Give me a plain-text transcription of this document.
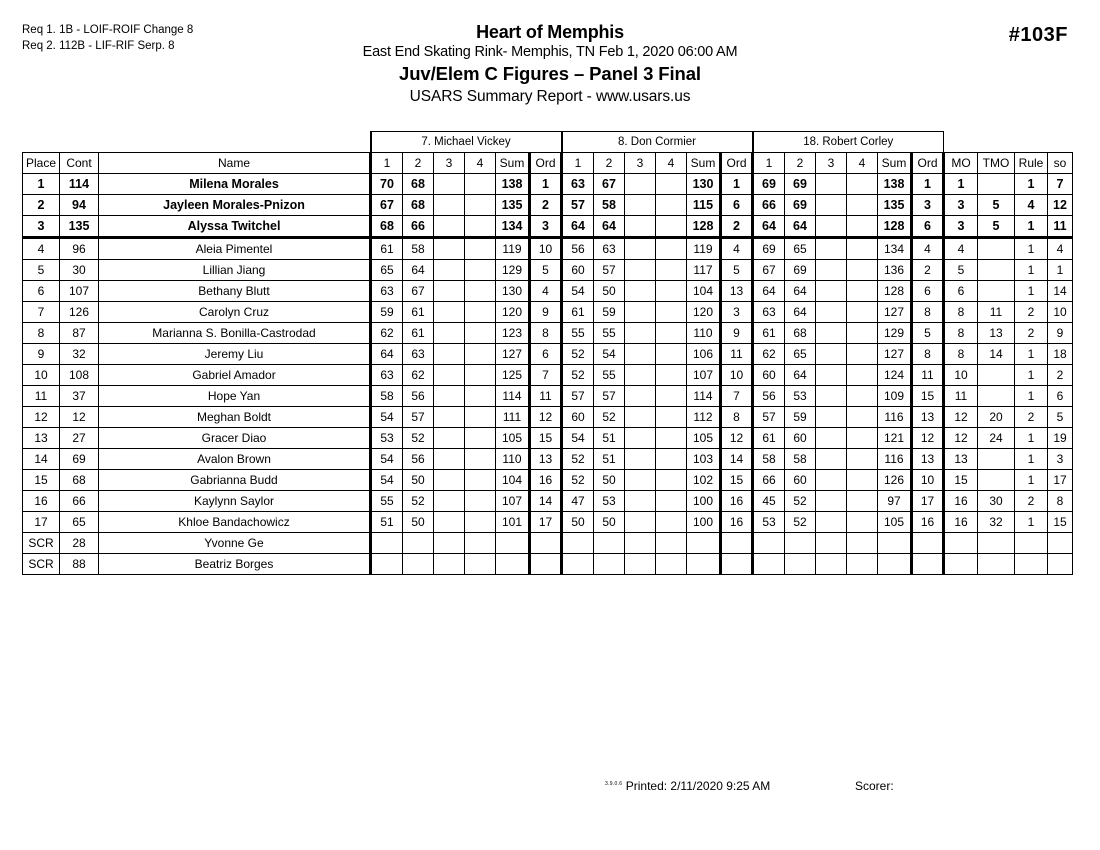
Req 1. 1B - LOIF-ROIF Change 8
Req 2. 112B - LIF-RIF Serp. 8
Heart of Memphis
East End Skating Rink- Memphis, TN Feb 1, 2020 06:00 AM
Juv/Elem C Figures – Panel 3 Final
USARS Summary Report - www.usars.us
#103F
			7. Michael Vickey						8. Don Cormier						18. Robert Corley									
Place	Cont	Name	1	2	3	4	Sum	Ord	1	2	3	4	Sum	Ord	1	2	3	4	Sum	Ord	MO	TMO	Rule	so
1	114	Milena Morales	70	68			138	1	63	67			130	1	69	69			138	1	1		1	7
2	94	Jayleen Morales-Pnizon	67	68			135	2	57	58			115	6	66	69			135	3	3	5	4	12
3	135	Alyssa Twitchel	68	66			134	3	64	64			128	2	64	64			128	6	3	5	1	11
4	96	Aleia Pimentel	61	58			119	10	56	63			119	4	69	65			134	4	4		1	4
5	30	Lillian Jiang	65	64			129	5	60	57			117	5	67	69			136	2	5		1	1
6	107	Bethany Blutt	63	67			130	4	54	50			104	13	64	64			128	6	6		1	14
7	126	Carolyn Cruz	59	61			120	9	61	59			120	3	63	64			127	8	8	11	2	10
8	87	Marianna S. Bonilla-Castrodad	62	61			123	8	55	55			110	9	61	68			129	5	8	13	2	9
9	32	Jeremy Liu	64	63			127	6	52	54			106	11	62	65			127	8	8	14	1	18
10	108	Gabriel Amador	63	62			125	7	52	55			107	10	60	64			124	11	10		1	2
11	37	Hope Yan	58	56			114	11	57	57			114	7	56	53			109	15	11		1	6
12	12	Meghan Boldt	54	57			111	12	60	52			112	8	57	59			116	13	12	20	2	5
13	27	Gracer Diao	53	52			105	15	54	51			105	12	61	60			121	12	12	24	1	19
14	69	Avalon Brown	54	56			110	13	52	51			103	14	58	58			116	13	13		1	3
15	68	Gabrianna Budd	54	50			104	16	52	50			102	15	66	60			126	10	15		1	17
16	66	Kaylynn Saylor	55	52			107	14	47	53			100	16	45	52			97	17	16	30	2	8
17	65	Khloe Bandachowicz	51	50			101	17	50	50			100	16	53	52			105	16	16	32	1	15
SCR	28	Yvonne Ge																						
SCR	88	Beatriz Borges																						
$^{3.9.0.6}$ Printed: 2/11/2020 9:25 AM	Scorer:
